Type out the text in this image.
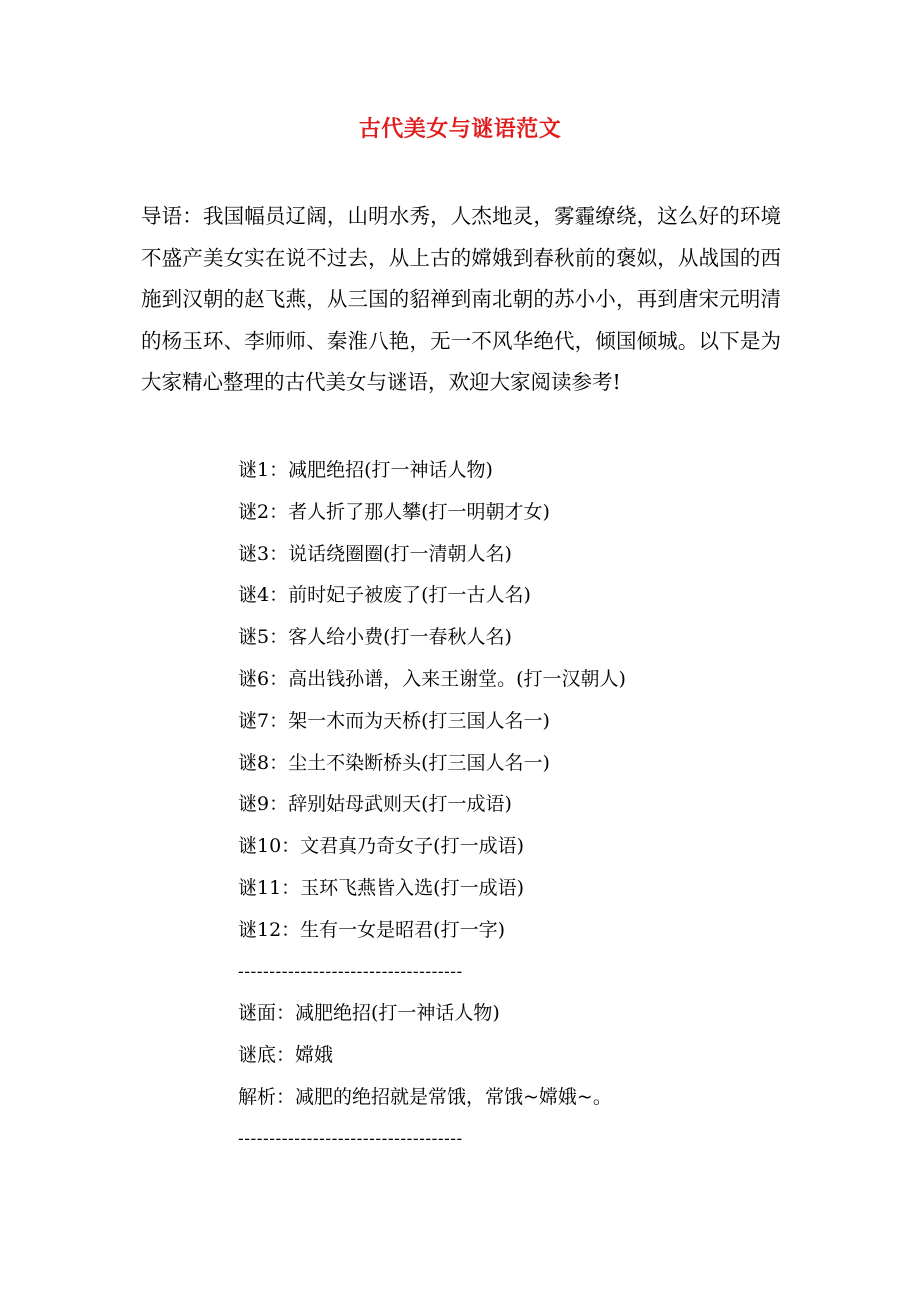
古代美女与谜语范文
导语：我国幅员辽阔，山明水秀，人杰地灵，雾霾缭绕，这么好的环境不盛产美女实在说不过去，从上古的嫦娥到春秋前的褒姒，从战国的西施到汉朝的赵飞燕，从三国的貂禅到南北朝的苏小小，再到唐宋元明清的杨玉环、李师师、秦淮八艳，无一不风华绝代，倾国倾城。以下是为大家精心整理的古代美女与谜语，欢迎大家阅读参考!
谜1：减肥绝招(打一神话人物)
谜2：者人折了那人攀(打一明朝才女)
谜3：说话绕圈圈(打一清朝人名)
谜4：前时妃子被废了(打一古人名)
谜5：客人给小费(打一春秋人名)
谜6：高出钱孙谱，入来王谢堂。(打一汉朝人)
谜7：架一木而为天桥(打三国人名一)
谜8：尘土不染断桥头(打三国人名一)
谜9：辞别姑母武则天(打一成语)
谜10：文君真乃奇女子(打一成语)
谜11：玉环飞燕皆入选(打一成语)
谜12：生有一女是昭君(打一字)
------------------------------------
谜面：减肥绝招(打一神话人物)
谜底：嫦娥
解析：减肥的绝招就是常饿，常饿~嫦娥~。
------------------------------------
